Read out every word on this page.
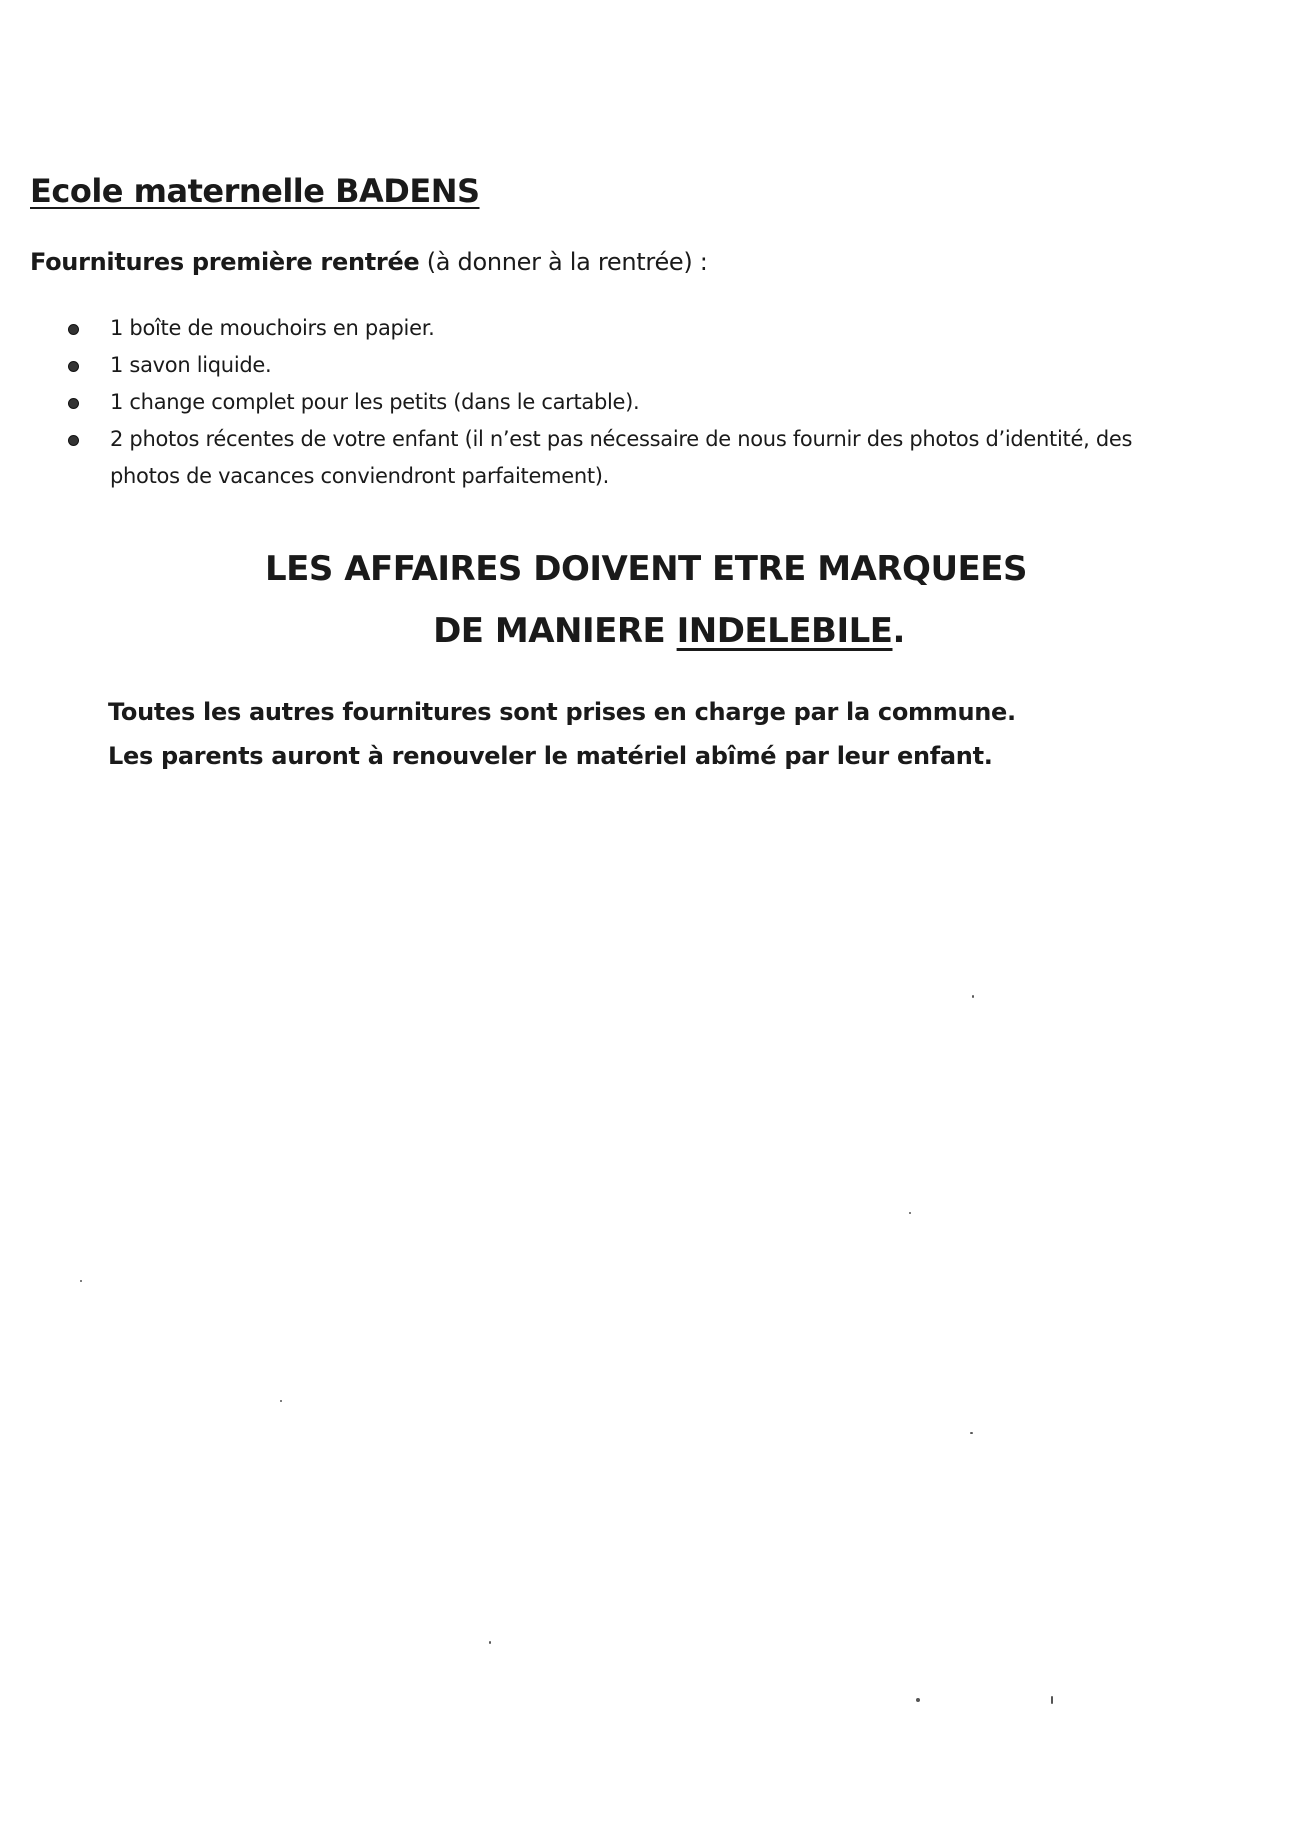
Ecole maternelle BADENS
Fournitures première rentrée (à donner à la rentrée) :
1 boîte de mouchoirs en papier.
1 savon liquide.
1 change complet pour les petits (dans le cartable).
2 photos récentes de votre enfant (il n’est pas nécessaire de nous fournir des photos d’identité, des photos de vacances conviendront parfaitement).
LES AFFAIRES DOIVENT ETRE MARQUEES
DE MANIERE INDELEBILE.

Toutes les autres fournitures sont prises en charge par la commune.

Les parents auront à renouveler le matériel abîmé par leur enfant.
